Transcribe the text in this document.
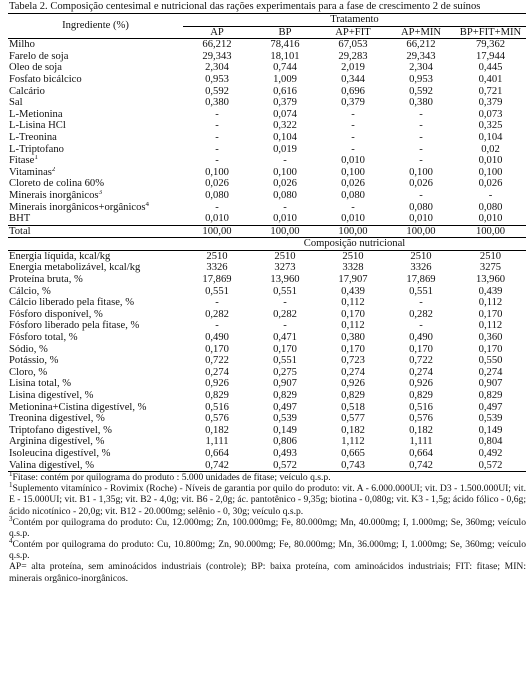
Tabela 2. Composição centesimal e nutricional das rações experimentais para a fase de crescimento 2 de suínos

Ingrediente (%)	Tratamento				
	AP	BP	AP+FIT	AP+MIN	BP+FIT+MIN
Milho	66,212	78,416	67,053	66,212	79,362
Farelo de soja	29,343	18,101	29,283	29,343	17,944
Óleo de soja	2,304	0,744	2,019	2,304	0,445
Fosfato bicálcico	0,953	1,009	0,344	0,953	0,401
Calcário	0,592	0,616	0,696	0,592	0,721
Sal	0,380	0,379	0,379	0,380	0,379
L-Metionina	-	0,074	-	-	0,073
L-Lisina HCl	-	0,322	-	-	0,325
L-Treonina	-	0,104	-	-	0,104
L-Triptofano	-	0,019	-	-	0,02
Fitase$^1$	-	-	0,010	-	0,010
Vitaminas$^2$	0,100	0,100	0,100	0,100	0,100
Cloreto de colina 60%	0,026	0,026	0,026	0,026	0,026
Minerais inorgânicos$^3$	0,080	0,080	0,080	-	-
Minerais inorgânicos+orgânicos$^4$	-	-	-	0,080	0,080
BHT	0,010	0,010	0,010	0,010	0,010
Total	100,00	100,00	100,00	100,00	100,00
	Composição nutricional				
Energia líquida, kcal/kg	2510	2510	2510	2510	2510
Energia metabolizável, kcal/kg	3326	3273	3328	3326	3275
Proteína bruta, %	17,869	13,960	17,907	17,869	13,960
Cálcio, %	0,551	0,551	0,439	0,551	0,439
Cálcio liberado pela fitase, %	-	-	0,112	-	0,112
Fósforo disponível, %	0,282	0,282	0,170	0,282	0,170
Fósforo liberado pela fitase, %	-	-	0,112	-	0,112
Fósforo total, %	0,490	0,471	0,380	0,490	0,360
Sódio, %	0,170	0,170	0,170	0,170	0,170
Potássio, %	0,722	0,551	0,723	0,722	0,550
Cloro, %	0,274	0,275	0,274	0,274	0,274
Lisina total, %	0,926	0,907	0,926	0,926	0,907
Lisina digestível, %	0,829	0,829	0,829	0,829	0,829
Metionina+Cistina digestível, %	0,516	0,497	0,518	0,516	0,497
Treonina digestível, %	0,576	0,539	0,577	0,576	0,539
Triptofano digestível, %	0,182	0,149	0,182	0,182	0,149
Arginina digestível, %	1,111	0,806	1,112	1,111	0,804
Isoleucina digestível, %	0,664	0,493	0,665	0,664	0,492
Valina digestível, %	0,742	0,572	0,743	0,742	0,572

$^1$Fitase: contém por quilograma do produto : 5.000 unidades de fitase; veículo q.s.p.

$^1$Suplemento vitamínico - Rovimix (Roche) - Níveis de garantia por quilo do produto: vit. A - 6.000.000UI; vit. D3 - 1.500.000UI; vit. E - 15.000UI; vit. B1 - 1,35g; vit. B2 - 4,0g; vit. B6 - 2,0g; ác. pantotênico - 9,35g; biotina - 0,080g; vit. K3 - 1,5g; ácido fólico - 0,6g; ácido nicotínico - 20,0g; vit. B12 - 20.000mg; selênio - 0, 30g; veículo q.s.p.

$^3$Contém por quilograma do produto: Cu, 12.000mg; Zn, 100.000mg; Fe, 80.000mg; Mn, 40.000mg; I, 1.000mg; Se, 360mg; veículo q.s.p.

$^4$Contém por quilograma do produto: Cu, 10.800mg; Zn, 90.000mg; Fe, 80.000mg; Mn, 36.000mg; I, 1.000mg; Se, 360mg; veículo q.s.p.

AP= alta proteína, sem aminoácidos industriais (controle); BP: baixa proteína, com aminoácidos industriais; FIT: fitase; MIN: minerais orgânico-inorgânicos.
